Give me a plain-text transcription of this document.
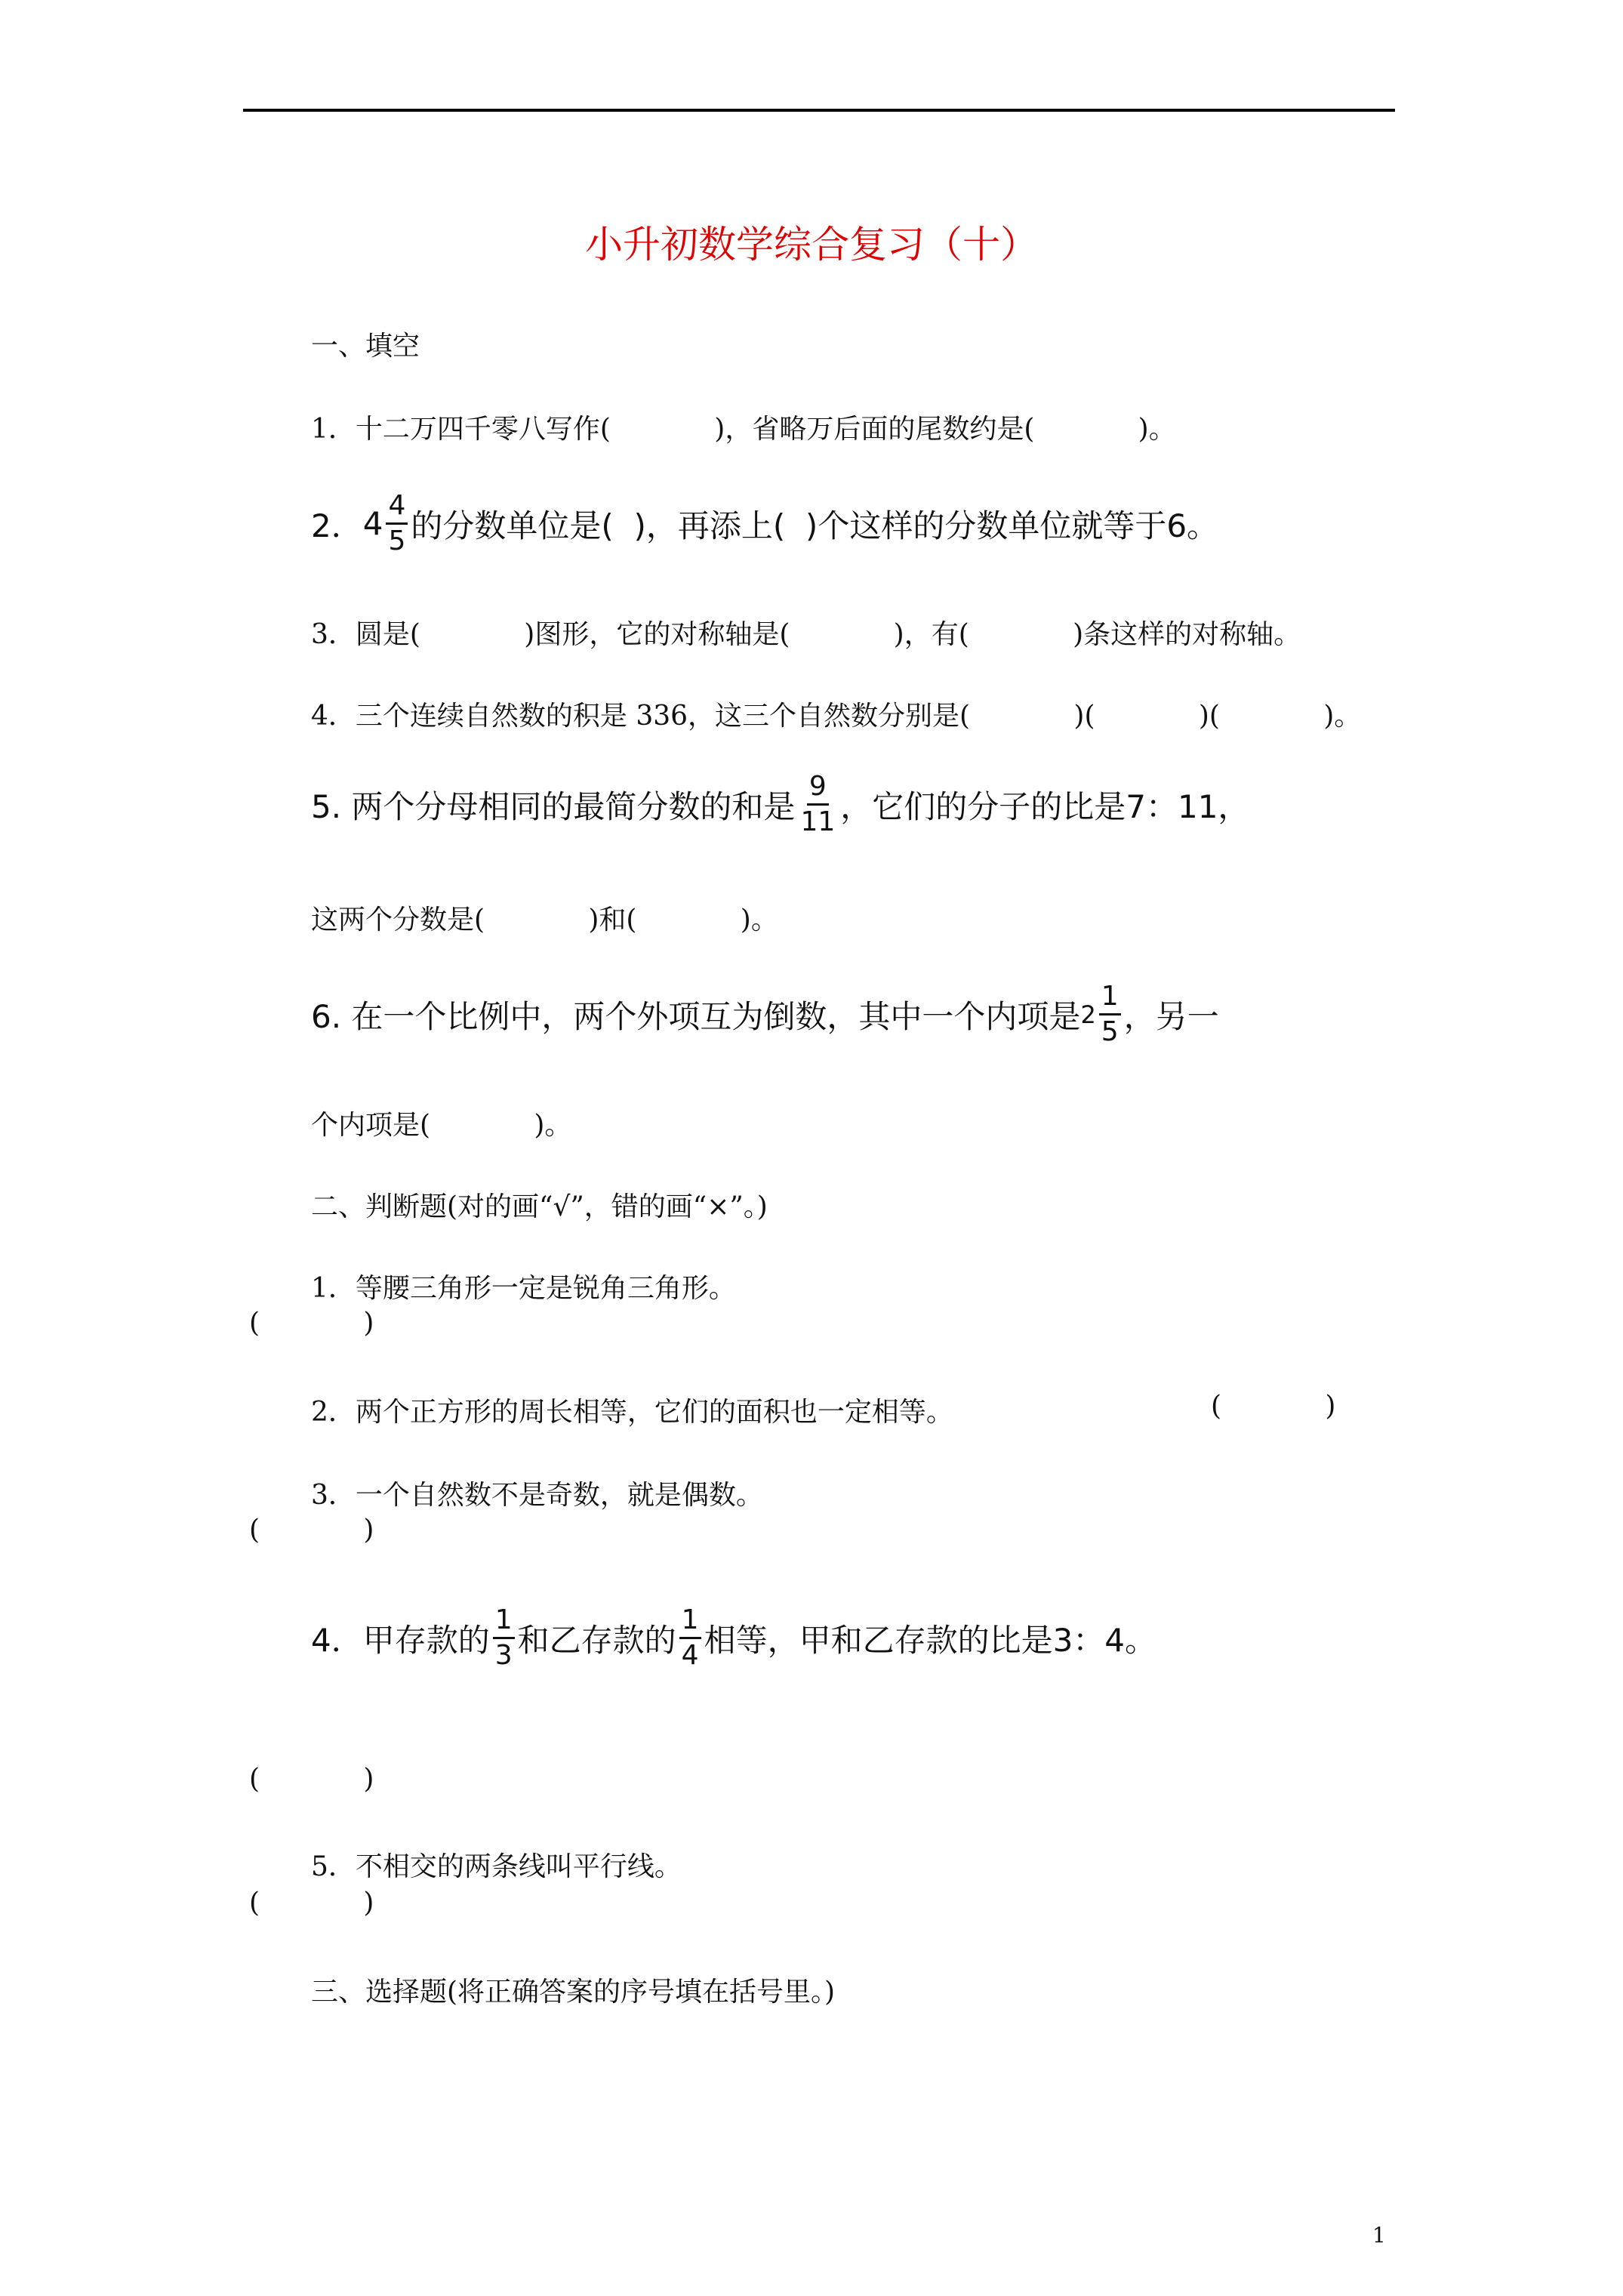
小升初数学综合复习（十）
一、填空
1．十二万四千零八写作(            )，省略万后面的尾数约是(            )。
2． $4 \frac{4}{5}$ 的分数单位是(  )，再添上(  )个这样的分数单位就等于6。
3．圆是(            )图形，它的对称轴是(            )，有(            )条这样的对称轴。
4．三个连续自然数的积是 336，这三个自然数分别是(            )(            )(            )。
5. 两个分母相同的最简分数的和是 $\frac{9}{11}$ ，它们的分子的比是7：11，
这两个分数是(            )和(            )。
6. 在一个比例中，两个外项互为倒数，其中一个内项是 $2 \frac{1}{5}$ ，另一
个内项是(            )。
二、判断题(对的画“√”，错的画“×”。)
1．等腰三角形一定是锐角三角形。
(            )
2．两个正方形的周长相等，它们的面积也一定相等。	(            )
3．一个自然数不是奇数，就是偶数。
(            )
4．甲存款的 $\frac{1}{3}$ 和乙存款的 $\frac{1}{4}$ 相等，甲和乙存款的比是3：4。
(            )
5．不相交的两条线叫平行线。
(            )
三、选择题(将正确答案的序号填在括号里。)
1
